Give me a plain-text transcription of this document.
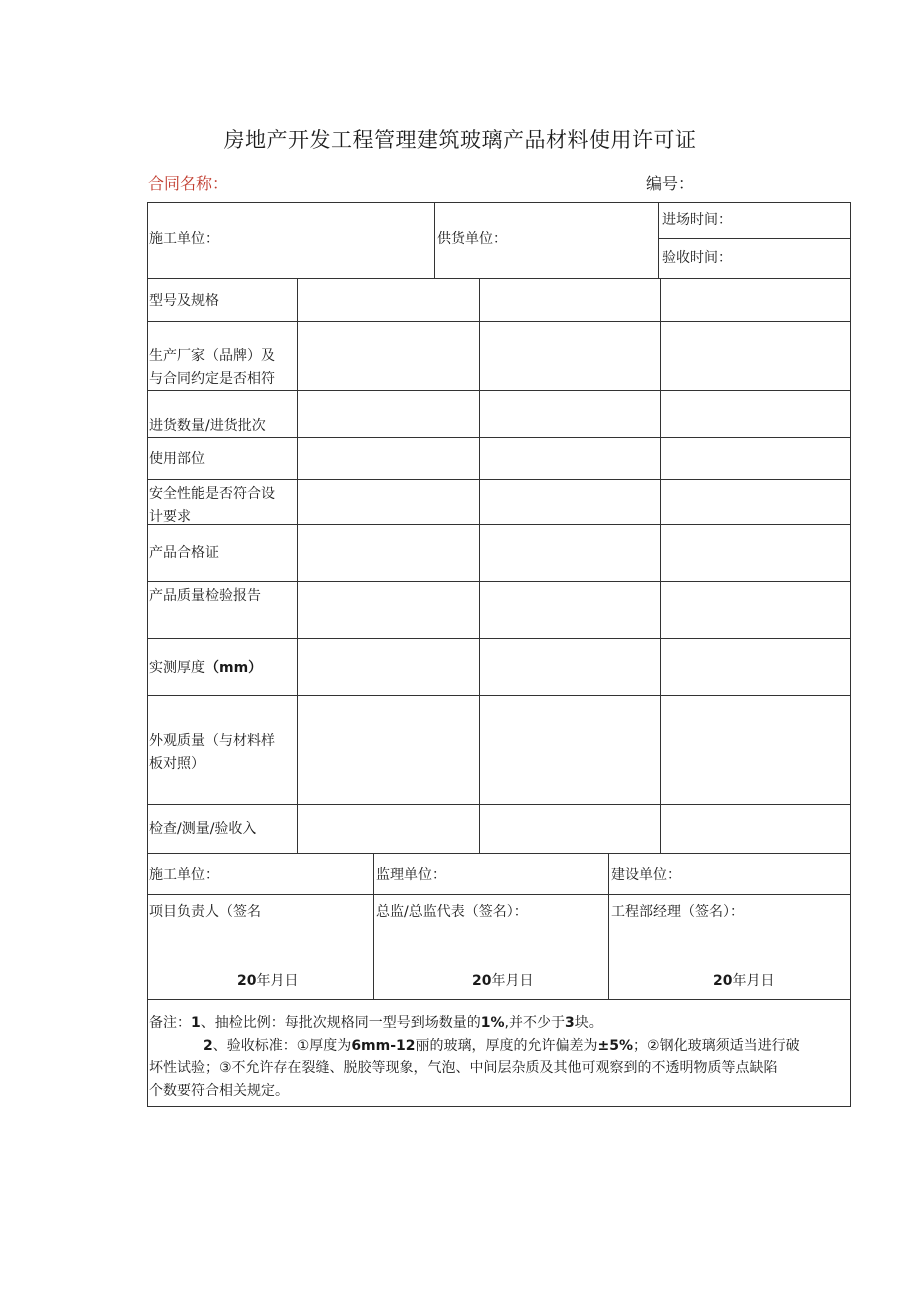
房地产开发工程管理建筑玻璃产品材料使用许可证
合同名称：	编号：
施工单位：	供货单位：
进场时间：
验收时间：
型号及规格
生产厂家（品牌）及
与合同约定是否相符
进货数量/进货批次
使用部位
安全性能是否符合设
计要求
产品合格证
产品质量检验报告
实测厚度（mm）
外观质量（与材料样
板对照）
检查/测量/验收入
施工单位：	监理单位：	建设单位：
项目负责人（签名	总监/总监代表（签名）：	工程部经理（签名）：
20年月日	20年月日	20年月日
备注：1、抽检比例：每批次规格同一型号到场数量的1%,并不少于3块。
2、验收标准：①厚度为6mm-12丽的玻璃，厚度的允许偏差为±5%；②钢化玻璃须适当进行破
坏性试验；③不允许存在裂缝、脱胶等现象，气泡、中间层杂质及其他可观察到的不透明物质等点缺陷
个数要符合相关规定。
